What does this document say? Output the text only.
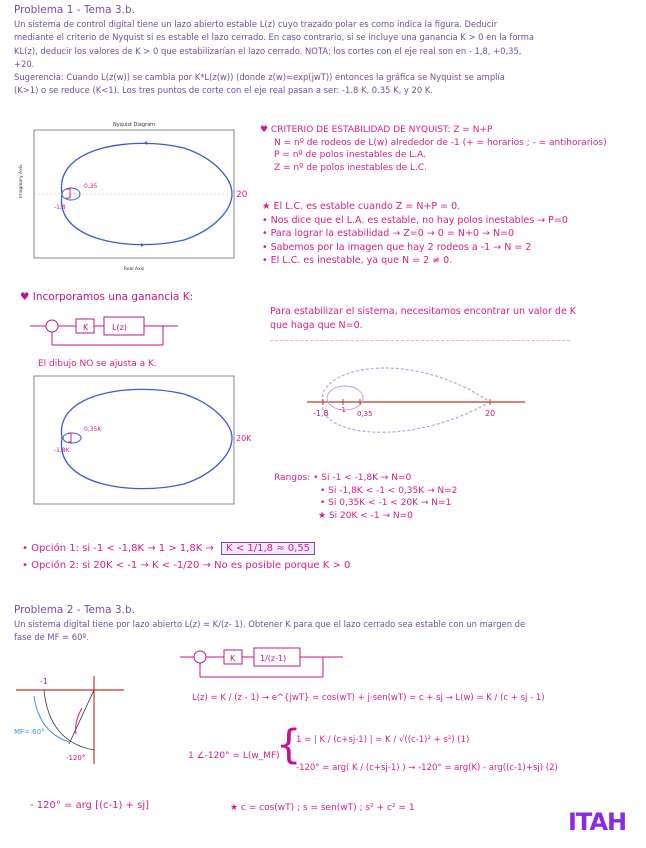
Problema 1 - Tema 3.b.
Un sistema de control digital tiene un lazo abierto estable L(z) cuyo trazado polar es como indica la figura. Deducir
mediante el criterio de Nyquist si es estable el lazo cerrado. En caso contrario, si se incluye una ganancia K > 0 en la forma
KL(z), deducir los valores de K > 0 que estabilizarían el lazo cerrado. NOTA: los cortes con el eje real son en - 1,8, +0,35,
+20.
Sugerencia: Cuando L(z(w)) se cambia por K*L(z(w)) (donde z(w)=exp(jwT)) entonces la gráfica se Nyquist se amplía
(K>1) o se reduce (K<1). Los tres puntos de corte con el eje real pasan a ser: -1.8 K, 0.35 K, y 20 K.
Nyquist Diagram
20
0,35
-1,8
Real Axis
Imaginary Axis
♥ CRITERIO DE ESTABILIDAD DE NYQUIST: Z = N+P
N = nº de rodeos de L(w) alrededor de -1 (+ = horarios ; - = antihorarios)
P = nº de polos inestables de L.A.
Z = nº de polos inestables de L.C.
★ El L.C. es estable cuando Z = N+P = 0.
• Nos dice que el L.A. es estable, no hay polos inestables → P=0
• Para lograr la estabilidad → Z=0 → 0 = N+0 → N=0
• Sabemos por la imagen que hay 2 rodeos a -1 → N = 2
• El L.C. es inestable, ya que N = 2 ≠ 0.
♥ Incorporamos una ganancia K:
K	L(z)
Para estabilizar el sistema, necesitamos encontrar un valor de K
que haga que N=0.
El dibujo NO se ajusta a K.
20K
0,35K
-1,8K
-1,8 -1 0,35	20
Rangos: • Si -1 < -1,8K → N=0
• Si -1,8K < -1 < 0,35K → N=2
• Si 0,35K < -1 < 20K → N=1
★ Si 20K < -1 → N=0
• Opción 1: si -1 < -1,8K → 1 > 1,8K → K < 1/1,8 ≈ 0,55
• Opción 2: si 20K < -1 → K < -1/20 → No es posible porque K > 0
Problema 2 - Tema 3.b.
Un sistema digital tiene por lazo abierto L(z) = K/(z- 1). Obtener K para que el lazo cerrado sea estable con un margen de
fase de MF = 60º.
K	1/(z-1)
-1
MF= 60°
-120°
L(z) = K / (z - 1) → e^{jwT} = cos(wT) + j·sen(wT) = c + sj → L(w) = K / (c + sj - 1)
1 ∠-120° = L(w_MF)
{
1 = | K / (c+sj-1) | = K / √((c-1)² + s²) (1)
-120° = arg( K / (c+sj-1) ) → -120° = arg(K) - arg((c-1)+sj) (2)
- 120° = arg [(c-1) + sj]	★ c = cos(wT) ; s = sen(wT) ; s² + c² = 1	ITAH
